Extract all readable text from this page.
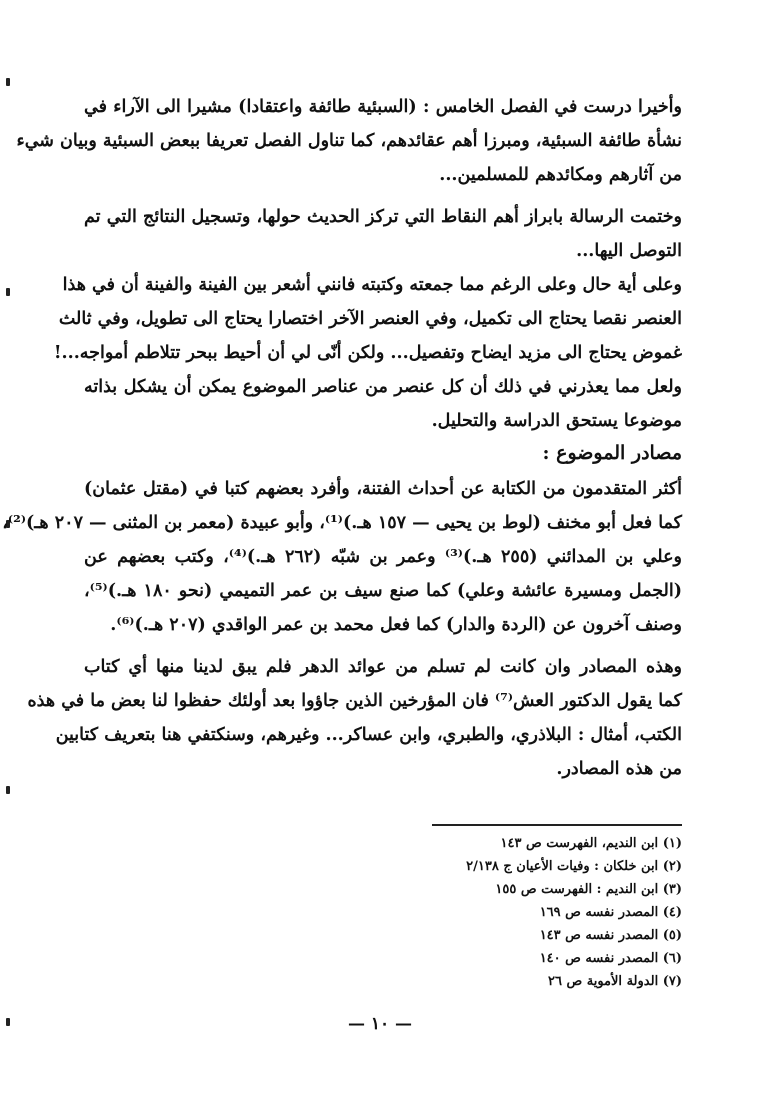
وأخيرا درست في الفصل الخامس : (السبئية طائفة واعتقادا) مشيرا الى الآراء في
نشأة طائفة السبئية، ومبرزا أهم عقائدهم، كما تناول الفصل تعريفا ببعض السبئية وبيان شيء
من آثارهم ومكائدهم للمسلمين...
وختمت الرسالة بابراز أهم النقاط التي تركز الحديث حولها، وتسجيل النتائج التي تم
التوصل اليها...
وعلى أية حال وعلى الرغم مما جمعته وكتبته فانني أشعر بين الفينة والفينة أن في هذا
العنصر نقصا يحتاج الى تكميل، وفي العنصر الآخر اختصارا يحتاج الى تطويل، وفي ثالث
غموض يحتاج الى مزيد ايضاح وتفصيل... ولكن أنّى لي أن أحيط ببحر تتلاطم أمواجه...!
ولعل مما يعذرني في ذلك أن كل عنصر من عناصر الموضوع يمكن أن يشكل بذاته
موضوعا يستحق الدراسة والتحليل.
مصادر الموضوع :
أكثر المتقدمون من الكتابة عن أحداث الفتنة، وأفرد بعضهم كتبا في (مقتل عثمان)
كما فعل أبو مخنف (لوط بن يحيى — ١٥٧ هـ.)⁽¹⁾، وأبو عبيدة (معمر بن المثنى — ٢٠٧ هـ)⁽²⁾،
وعلي بن المدائني (٢٥٥ هـ.)⁽³⁾ وعمر بن شبّه (٢٦٢ هـ.)⁽⁴⁾، وكتب بعضهم عن
(الجمل ومسيرة عائشة وعلي) كما صنع سيف بن عمر التميمي (نحو ١٨٠ هـ.)⁽⁵⁾،
وصنف آخرون عن (الردة والدار) كما فعل محمد بن عمر الواقدي (٢٠٧ هـ.)⁽⁶⁾.
وهذه المصادر وان كانت لم تسلم من عوائد الدهر فلم يبق لدينا منها أي كتاب
كما يقول الدكتور العش⁽⁷⁾ فان المؤرخين الذين جاؤوا بعد أولئك حفظوا لنا بعض ما في هذه
الكتب، أمثال : البلاذري، والطبري، وابن عساكر... وغيرهم، وسنكتفي هنا بتعريف كتابين
من هذه المصادر.
(١) ابن النديم، الفهرست ص ١٤٣
(٢) ابن خلكان : وفيات الأعيان ج ٢/١٣٨
(٣) ابن النديم : الفهرست ص ١٥٥
(٤) المصدر نفسه ص ١٦٩
(٥) المصدر نفسه ص ١٤٣
(٦) المصدر نفسه ص ١٤٠
(٧) الدولة الأموية ص ٢٦
— ١٠ —
